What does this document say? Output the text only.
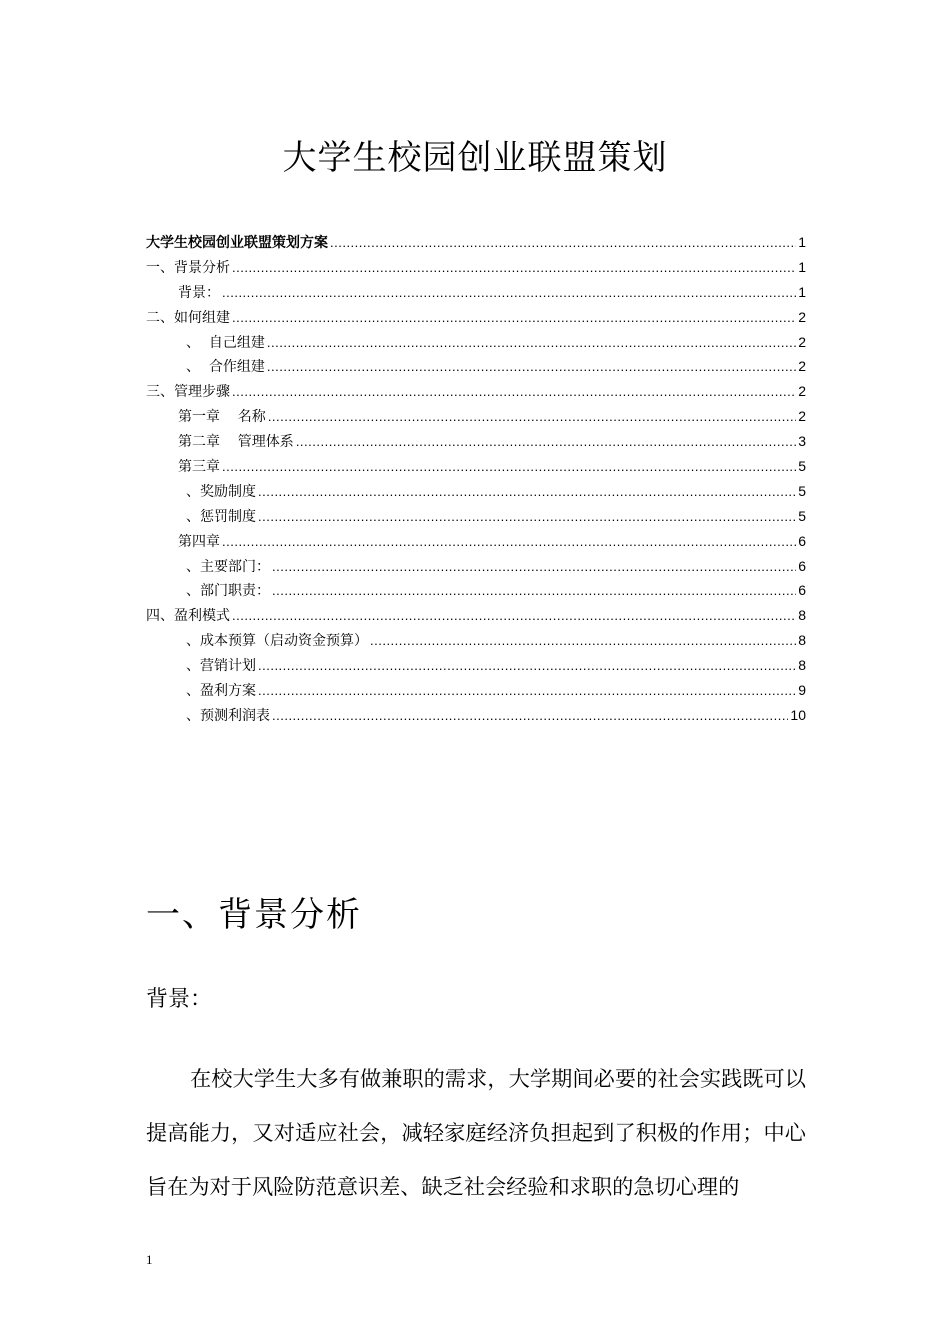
大学生校园创业联盟策划
大学生校园创业联盟策划方案 .....	1
一、背景分析 .....	1
背景： .....	1
二、如何组建 .....	2
、  自己组建 .....	2
、  合作组建 .....	2
三、管理步骤 .....	2
第一章    名称 .....	2
第二章    管理体系 .....	3
第三章 .....	5
、奖励制度 .....	5
、惩罚制度 .....	5
第四章 .....	6
、主要部门： .....	6
、部门职责： .....	6
四、盈利模式 .....	8
、成本预算（启动资金预算） .....	8
、营销计划 .....	8
、盈利方案 .....	9
、预测利润表 .....	10
一、背景分析
背景：
在校大学生大多有做兼职的需求，大学期间必要的社会实践既可以提高能力，又对适应社会，减轻家庭经济负担起到了积极的作用；中心旨在为对于风险防范意识差、缺乏社会经验和求职的急切心理的
1
